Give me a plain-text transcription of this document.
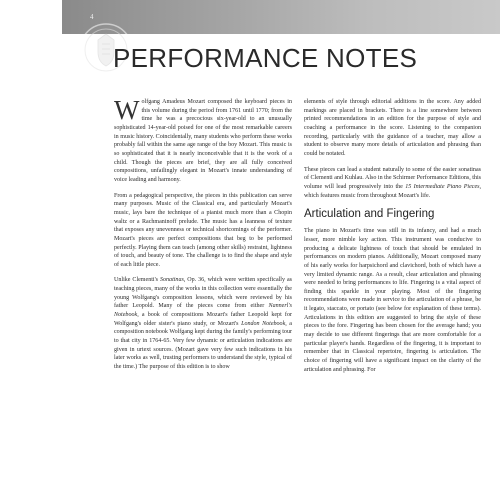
4
PERFORMANCE NOTES

Wolfgang Amadeus Mozart composed the keyboard pieces in this volume during the period from 1761 until 1770; from the time he was a precocious six-year-old to an unusually sophisticated 14-year-old poised for one of the most remarkable careers in music history. Coincidentally, many students who perform these works probably fall within the same age range of the boy Mozart. This music is so sophisticated that it is nearly inconceivable that it is the work of a child. Though the pieces are brief, they are all fully conceived compositions, unfailingly elegant in Mozart's innate understanding of voice leading and harmony.

From a pedagogical perspective, the pieces in this publication can serve many purposes. Music of the Classical era, and particularly Mozart's music, lays bare the technique of a pianist much more than a Chopin waltz or a Rachmaninoff prelude. The music has a leanness of texture that exposes any unevenness or technical shortcomings of the performer. Mozart's pieces are perfect compositions that beg to be performed perfectly. Playing them can teach (among other skills) restraint, lightness of touch, and beauty of tone. The challenge is to find the shape and style of each little piece.

Unlike Clementi's Sonatinas, Op. 36, which were written specifically as teaching pieces, many of the works in this collection were essentially the young Wolfgang's composition lessons, which were reviewed by his father Leopold. Many of the pieces come from either Nannerl's Notebook, a book of compositions Mozart's father Leopold kept for Wolfgang's older sister's piano study, or Mozart's London Notebook, a composition notebook Wolfgang kept during the family's performing tour to that city in 1764-65. Very few dynamic or articulation indications are given in urtext sources. (Mozart gave very few such indications in his later works as well, trusting performers to understand the style, typical of the time.) The purpose of this edition is to show

elements of style through editorial additions in the score. Any added markings are placed in brackets. There is a line somewhere between printed recommendations in an edition for the purpose of style and coaching a performance in the score. Listening to the companion recording, particularly with the guidance of a teacher, may allow a student to observe many more details of articulation and phrasing than could be notated.

These pieces can lead a student naturally to some of the easier sonatinas of Clementi and Kuhlau. Also in the Schirmer Performance Editions, this volume will lead progressively into the 15 Intermediate Piano Pieces, which features music from throughout Mozart's life.

Articulation and Fingering

The piano in Mozart's time was still in its infancy, and had a much lesser, more nimble key action. This instrument was conducive to producing a delicate lightness of touch that should be emulated in performances on modern pianos. Additionally, Mozart composed many of his early works for harpsichord and clavichord, both of which have a very limited dynamic range. As a result, clear articulation and phrasing were needed to bring performances to life. Fingering is a vital aspect of finding this sparkle in your playing. Most of the fingering recommendations were made in service to the articulation of a phrase, be it legato, staccato, or portato (see below for explanation of these terms). Articulations in this edition are suggested to bring the style of these pieces to the fore. Fingering has been chosen for the average hand; you may decide to use different fingerings that are more comfortable for a particular player's hands. Regardless of the fingering, it is important to remember that in Classical repertoire, fingering is articulation. The choice of fingering will have a significant impact on the clarity of the articulation and phrasing. For
